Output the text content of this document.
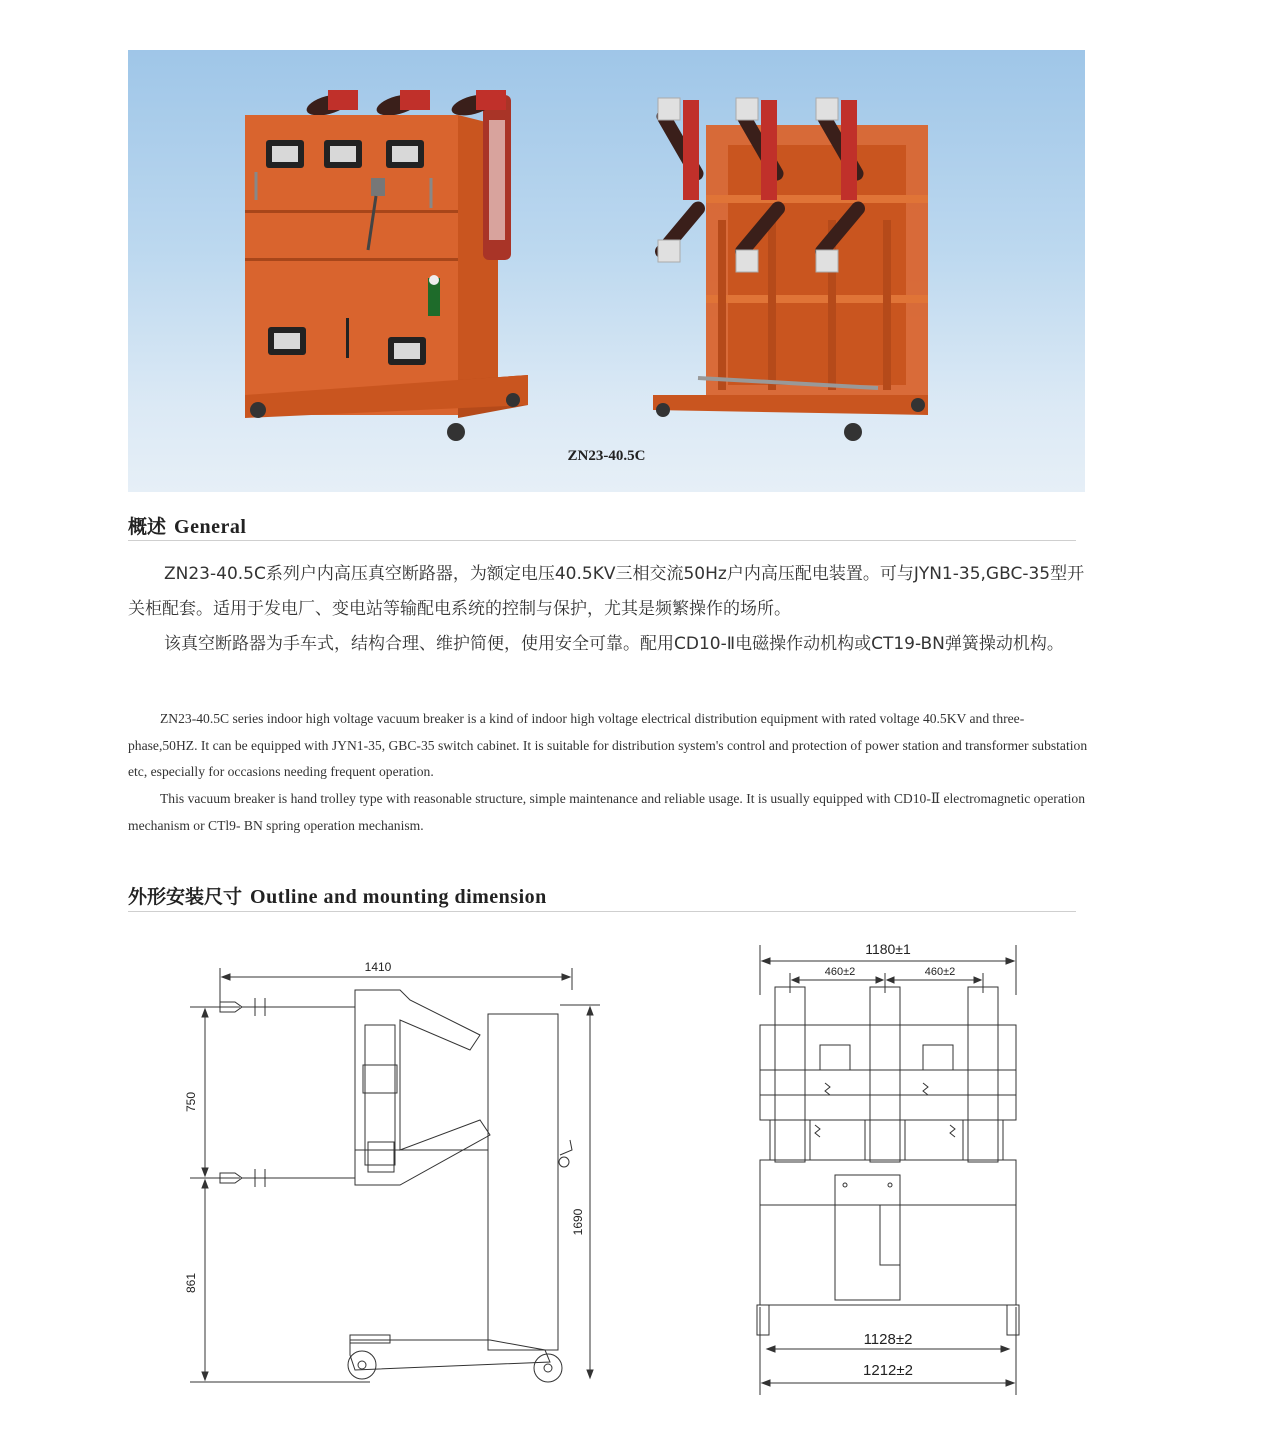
ZN23-40.5C
概述 General

ZN23-40.5C系列户内高压真空断路器，为额定电压40.5KV三相交流50Hz户内高压配电装置。可与JYN1-35,GBC-35型开关柜配套。适用于发电厂、变电站等输配电系统的控制与保护，尤其是频繁操作的场所。

该真空断路器为手车式，结构合理、维护简便，使用安全可靠。配用CD10-Ⅱ电磁操作动机构或CT19-BN弹簧操动机构。

ZN23-40.5C series indoor high voltage vacuum breaker is a kind of indoor high voltage electrical distribution equipment with rated voltage 40.5KV and three-phase,50HZ. It can be equipped with JYN1-35, GBC-35 switch cabinet. It is suitable for distribution system's control and protection of power station and transformer substation etc, especially for occasions needing frequent operation.

This vacuum breaker is hand trolley type with reasonable structure, simple maintenance and reliable usage. It is usually equipped with CD10-Ⅱ electromagnetic operation mechanism or CTl9- BN spring operation mechanism.

外形安装尺寸 Outline and mounting dimension
1410
750
861
1690
1180±1
460±2	460±2
1128±2
1212±2
